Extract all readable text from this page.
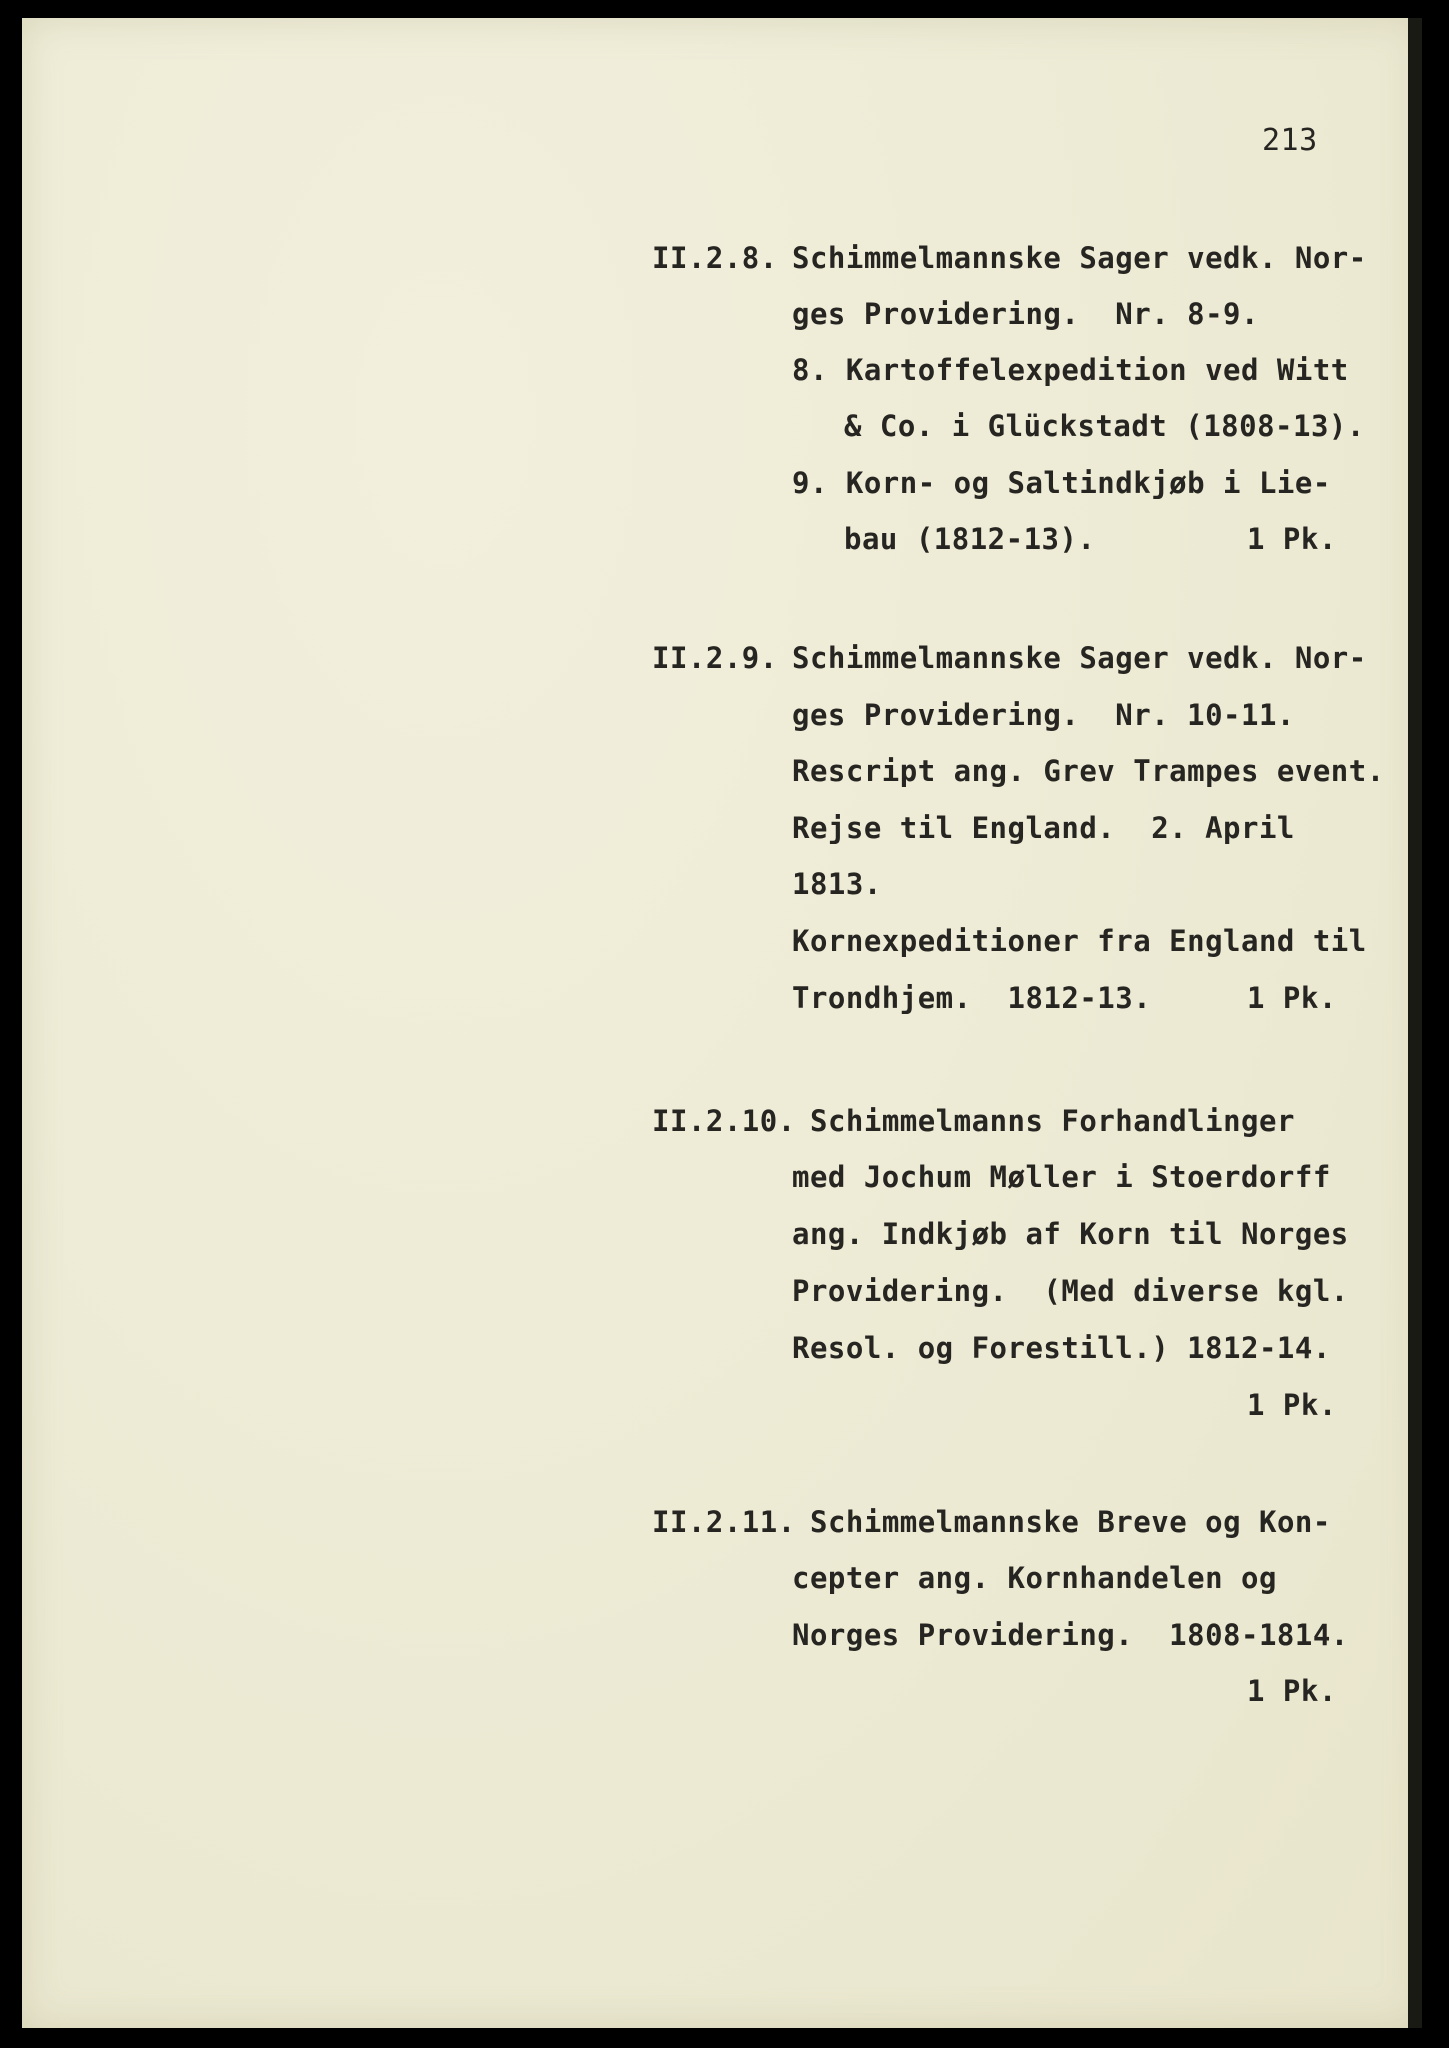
213

II.2.8. Schimmelmannske Sager vedk. Nor-

ges Providering.  Nr. 8-9.

8. Kartoffelexpedition ved Witt

& Co. i Glückstadt (1808-13).

9. Korn- og Saltindkjøb i Lie-

bau (1812-13).	1 Pk.

II.2.9. Schimmelmannske Sager vedk. Nor-

ges Providering.  Nr. 10-11.

Rescript ang. Grev Trampes event.

Rejse til England.  2. April

1813.

Kornexpeditioner fra England til

Trondhjem.  1812-13.	1 Pk.

II.2.10. Schimmelmanns Forhandlinger

med Jochum Møller i Stoerdorff

ang. Indkjøb af Korn til Norges

Providering.  (Med diverse kgl.

Resol. og Forestill.) 1812-14.

1 Pk.

II.2.11. Schimmelmannske Breve og Kon-

cepter ang. Kornhandelen og

Norges Providering.  1808-1814.

1 Pk.
